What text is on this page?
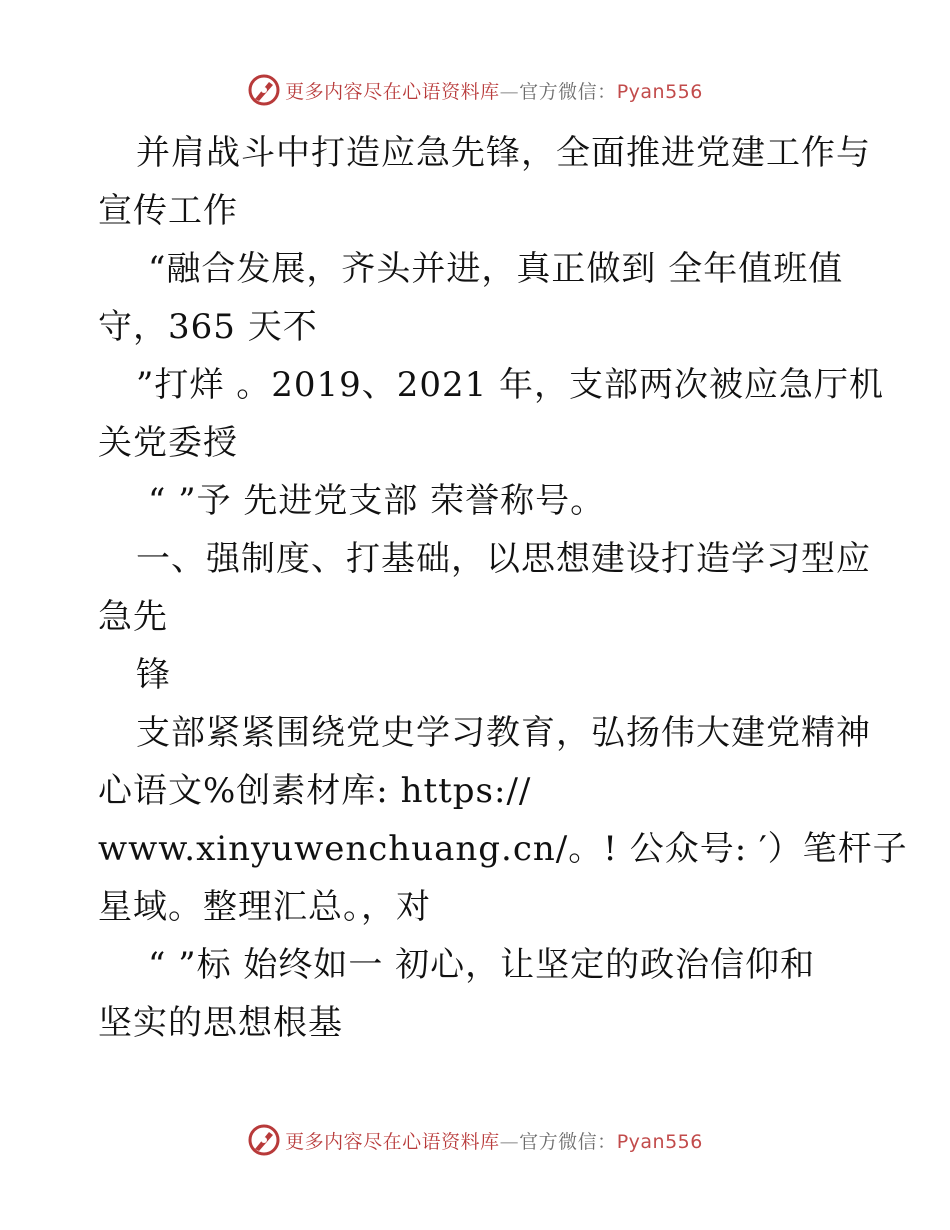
更多内容尽在心语资料库—官方微信：Pyan556
并肩战斗中打造应急先锋，全面推进党建工作与
宣传工作
“融合发展，齐头并进，真正做到 全年值班值
守，365 天不
”打烊 。2019、2021 年，支部两次被应急厅机
关党委授
“ ”予 先进党支部 荣誉称号。
一、强制度、打基础，以思想建设打造学习型应
急先
锋
支部紧紧围绕党史学习教育，弘扬伟大建党精神
心语文%创素材库: https://
www.xinyuwenchuang.cn/。! 公众号: ′）笔杆子
星域。整理汇总。，对
“ ”标 始终如一 初心，让坚定的政治信仰和
坚实的思想根基
更多内容尽在心语资料库—官方微信：Pyan556
